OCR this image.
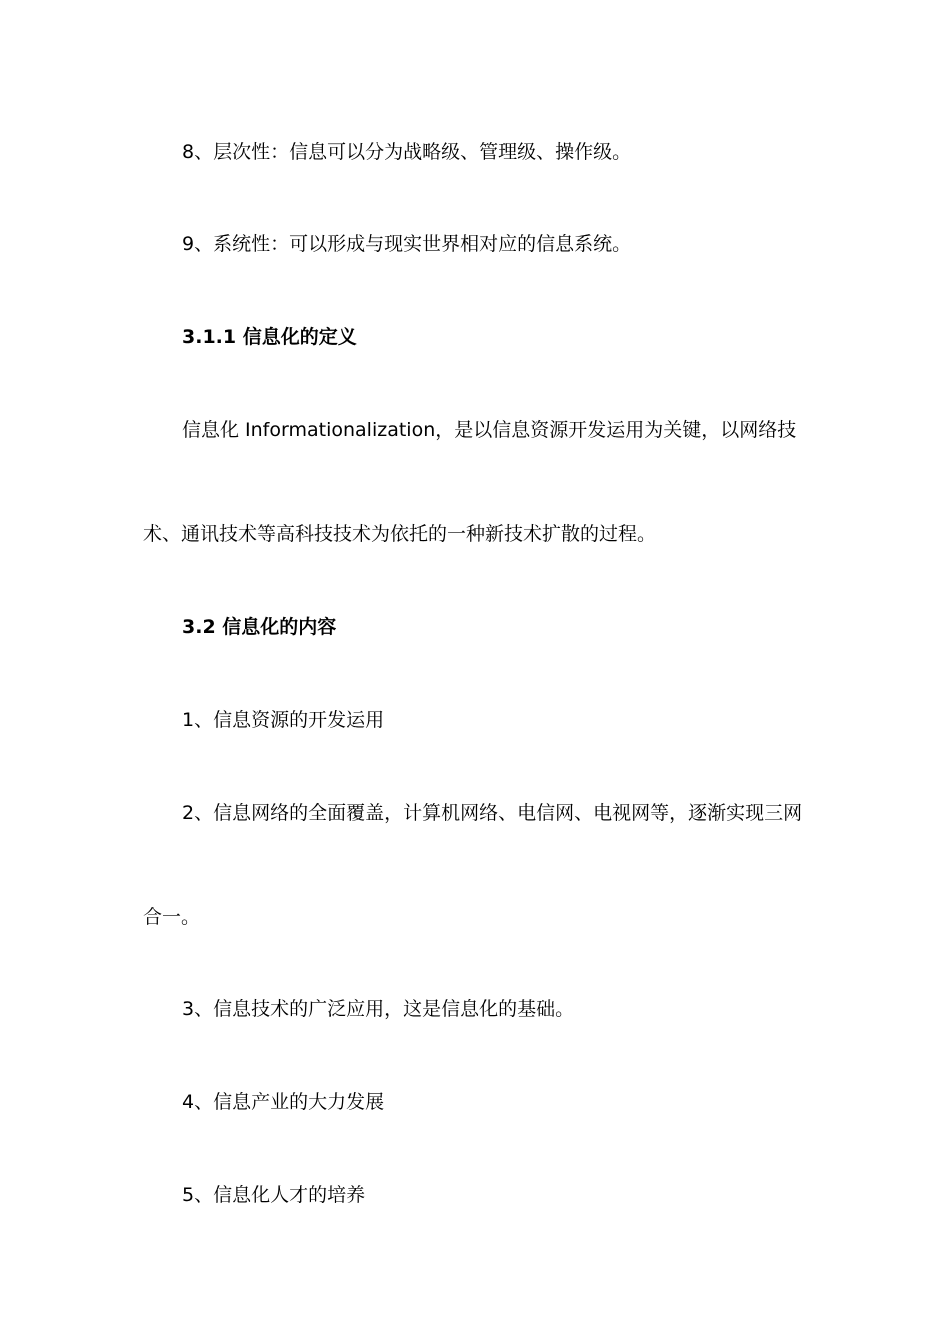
8、层次性：信息可以分为战略级、管理级、操作级。
9、系统性：可以形成与现实世界相对应的信息系统。
3.1.1 信息化的定义
信息化 Informationalization，是以信息资源开发运用为关键，以网络技
术、通讯技术等高科技技术为依托的一种新技术扩散的过程。
3.2 信息化的内容
1、信息资源的开发运用
2、信息网络的全面覆盖，计算机网络、电信网、电视网等，逐渐实现三网
合一。
3、信息技术的广泛应用，这是信息化的基础。
4、信息产业的大力发展
5、信息化人才的培养
